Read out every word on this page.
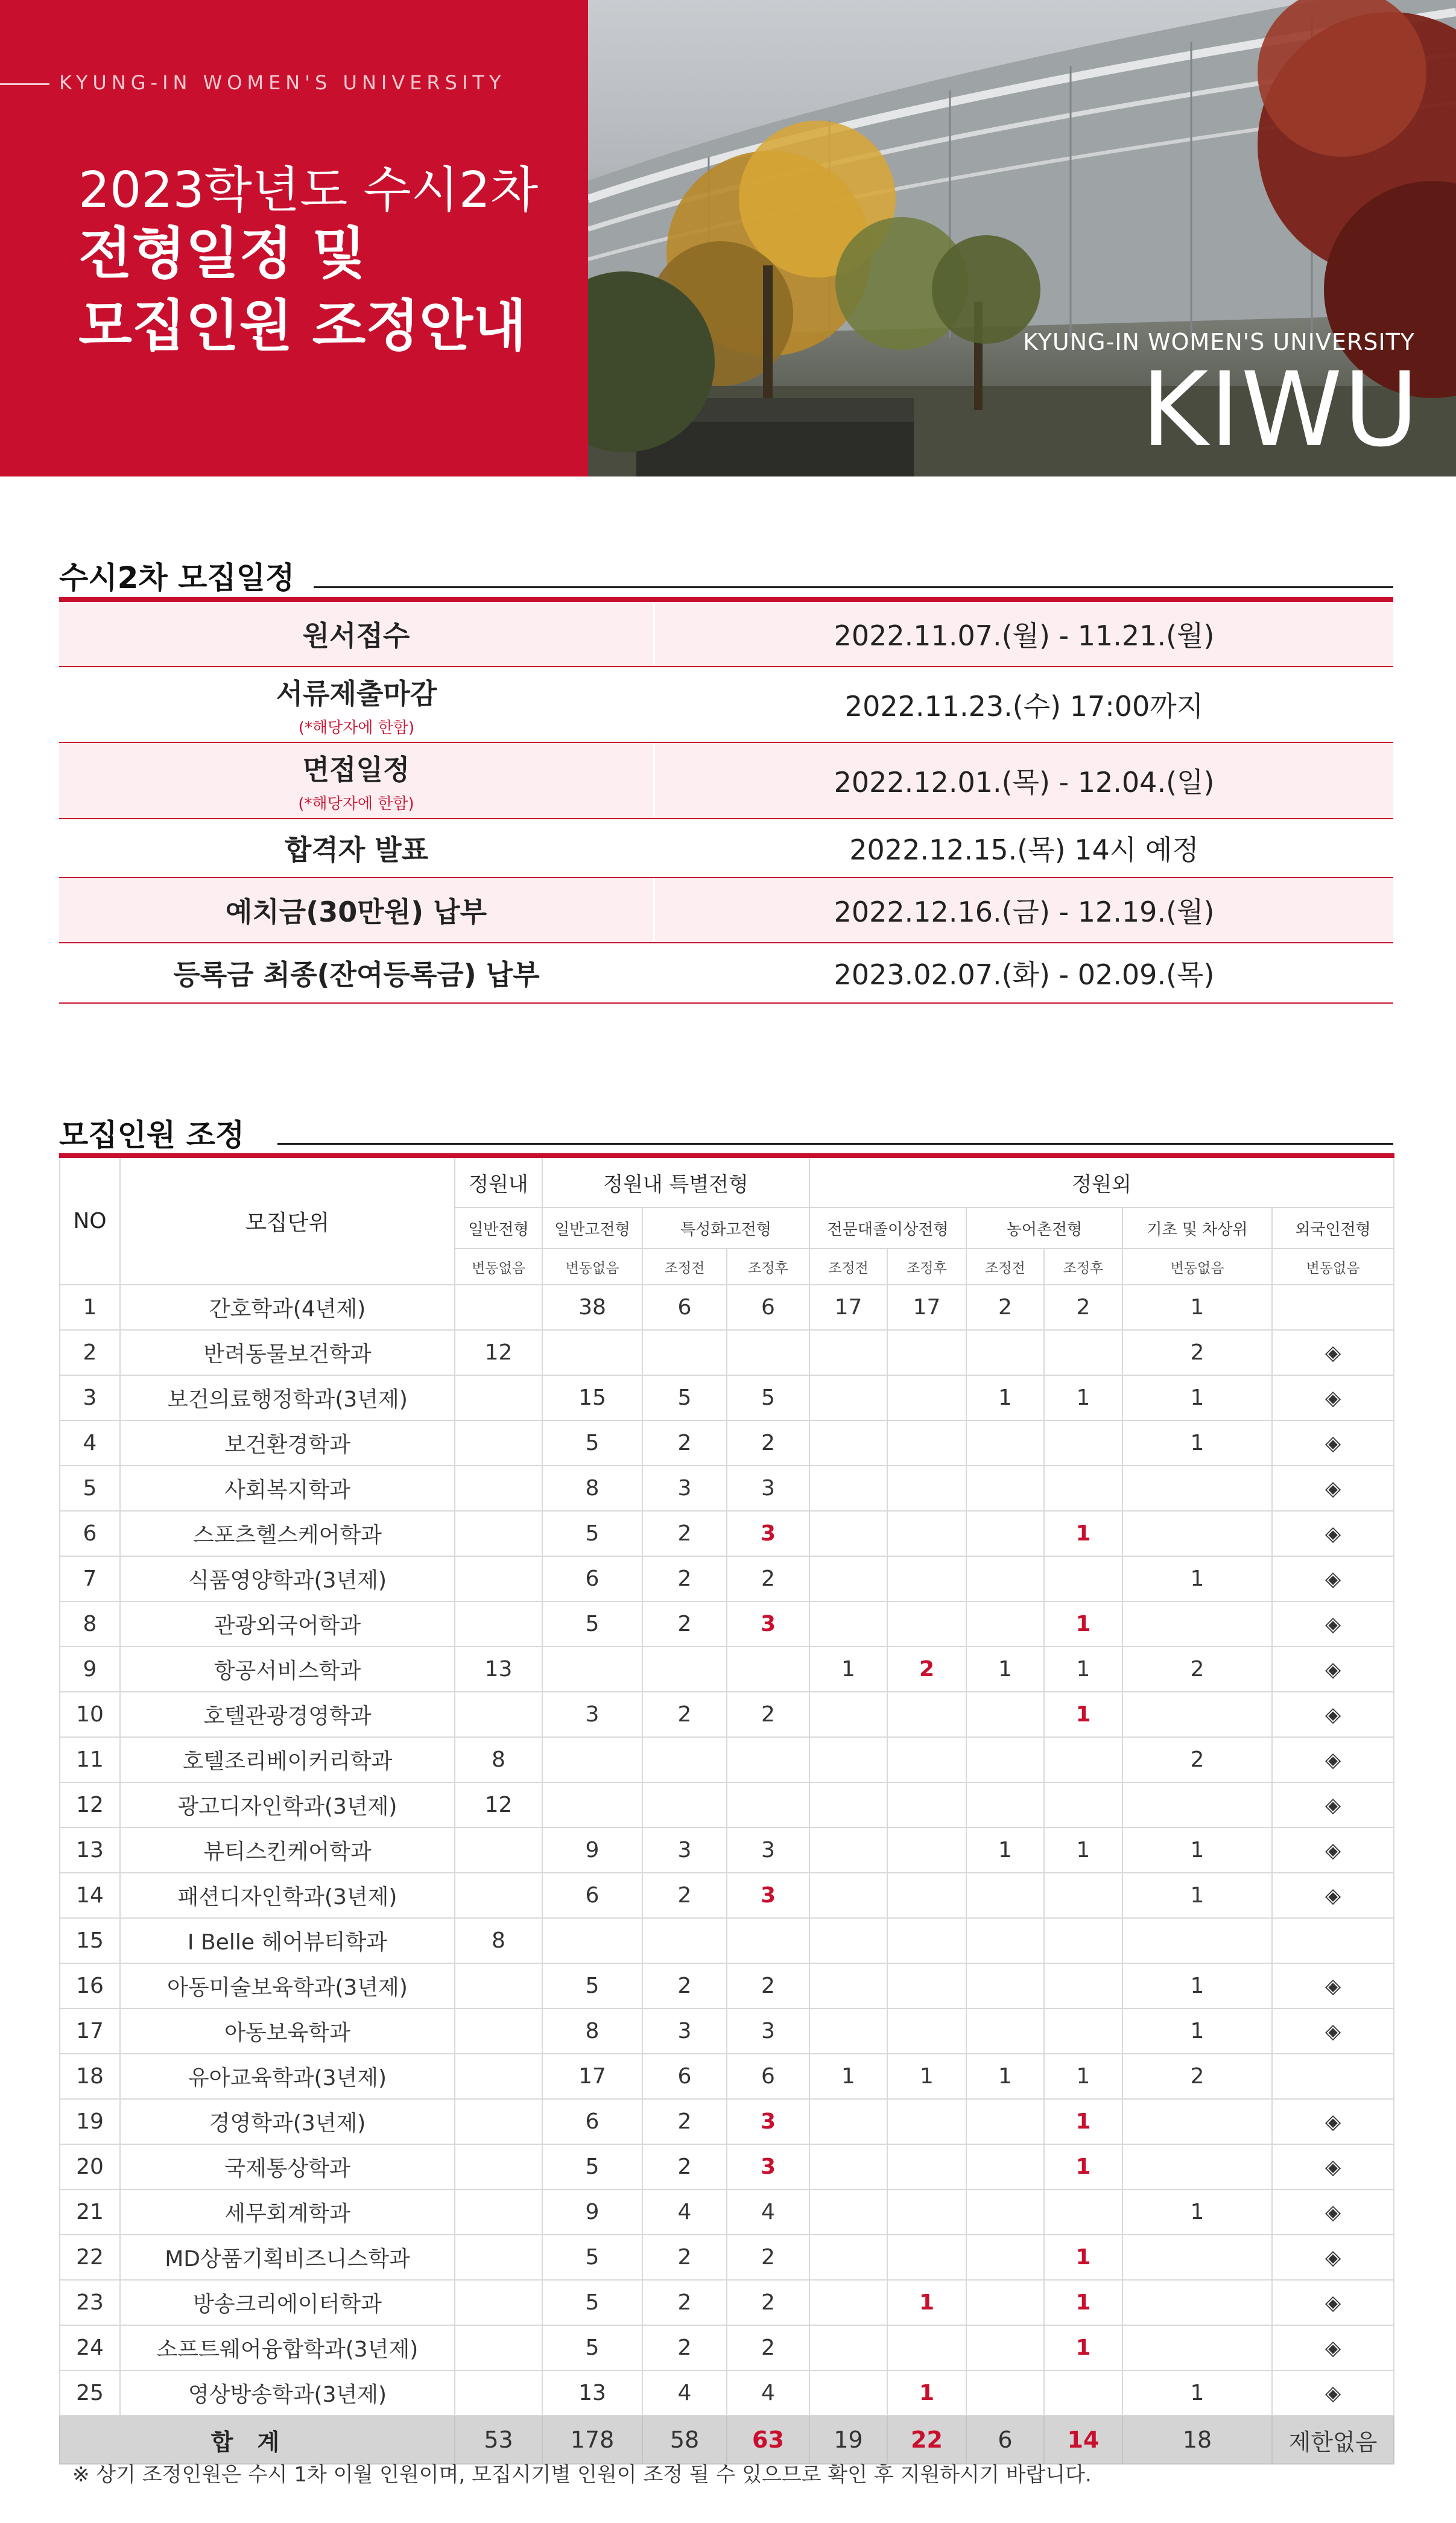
KYUNG-IN WOMEN'S UNIVERSITY
2023학년도 수시2차
전형일정 및
모집인원 조정안내	KYUNG-IN WOMEN'S UNIVERSITY
KIWU
수시2차 모집일정
원서접수	2022.11.07.(월) - 11.21.(월)
서류제출마감
(*해당자에 한함)
2022.11.23.(수) 17:00까지
면접일정
(*해당자에 한함)
2022.12.01.(목) - 12.04.(일)
합격자 발표	2022.12.15.(목) 14시 예정
예치금(30만원) 납부	2022.12.16.(금) - 12.19.(월)
등록금 최종(잔여등록금) 납부	2023.02.07.(화) - 02.09.(목)
모집인원 조정
NO	모집단위	정원내	정원내 특별전형			정원외					
		일반전형	일반고전형	특성화고전형		전문대졸이상전형		농어촌전형		기초 및 차상위	외국인전형
		변동없음	변동없음	조정전	조정후	조정전	조정후	조정전	조정후	변동없음	변동없음
1	간호학과(4년제)		38	6	6	17	17	2	2	1	
2	반려동물보건학과	12								2	◈
3	보건의료행정학과(3년제)		15	5	5			1	1	1	◈
4	보건환경학과		5	2	2					1	◈
5	사회복지학과		8	3	3						◈
6	스포츠헬스케어학과		5	2	3				1		◈
7	식품영양학과(3년제)		6	2	2					1	◈
8	관광외국어학과		5	2	3				1		◈
9	항공서비스학과	13				1	2	1	1	2	◈
10	호텔관광경영학과		3	2	2				1		◈
11	호텔조리베이커리학과	8								2	◈
12	광고디자인학과(3년제)	12									◈
13	뷰티스킨케어학과		9	3	3			1	1	1	◈
14	패션디자인학과(3년제)		6	2	3					1	◈
15	I Belle 헤어뷰티학과	8									
16	아동미술보육학과(3년제)		5	2	2					1	◈
17	아동보육학과		8	3	3					1	◈
18	유아교육학과(3년제)		17	6	6	1	1	1	1	2	
19	경영학과(3년제)		6	2	3				1		◈
20	국제통상학과		5	2	3				1		◈
21	세무회계학과		9	4	4					1	◈
22	MD상품기획비즈니스학과		5	2	2				1		◈
23	방송크리에이터학과		5	2	2		1		1		◈
24	소프트웨어융합학과(3년제)		5	2	2				1		◈
25	영상방송학과(3년제)		13	4	4		1			1	◈
합계		53	178	58	63	19	22	6	14	18	제한없음
※ 상기 조정인원은 수시 1차 이월 인원이며, 모집시기별 인원이 조정 될 수 있으므로 확인 후 지원하시기 바랍니다.
